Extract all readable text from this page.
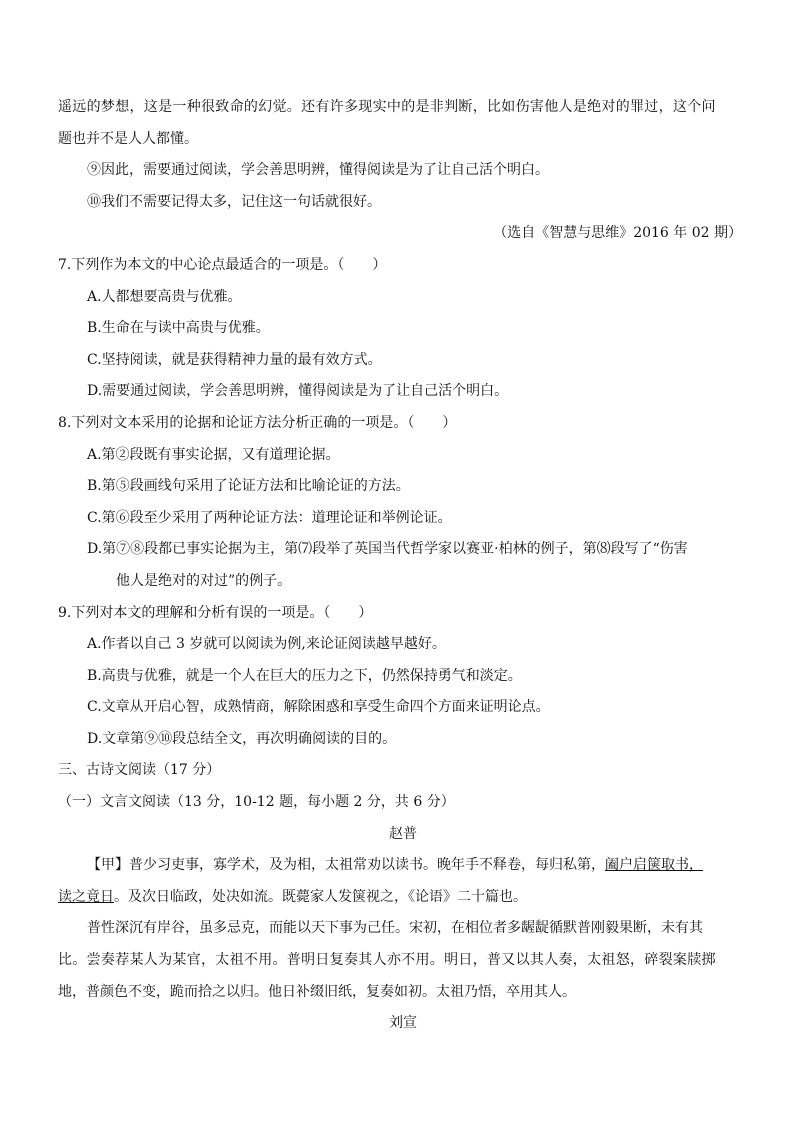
遥远的梦想，这是一种很致命的幻觉。还有许多现实中的是非判断，比如伤害他人是绝对的罪过，这个问
题也并不是人人都懂。
⑨因此，需要通过阅读，学会善思明辨，懂得阅读是为了让自己活个明白。
⑩我们不需要记得太多，记住这一句话就很好。
（选自《智慧与思维》2016 年 02 期）
7.下列作为本文的中心论点最适合的一项是。（　　）
A.人都想要高贵与优雅。
B.生命在与读中高贵与优雅。
C.坚持阅读，就是获得精神力量的最有效方式。
D.需要通过阅读，学会善思明辨，懂得阅读是为了让自己活个明白。
8.下列对文本采用的论据和论证方法分析正确的一项是。（　　）
A.第②段既有事实论据，又有道理论据。
B.第⑤段画线句采用了论证方法和比喻论证的方法。
C.第⑥段至少采用了两种论证方法：道理论证和举例论证。
D.第⑦⑧段都已事实论据为主，第⑺段举了英国当代哲学家以赛亚·柏林的例子，第⑻段写了“伤害
他人是绝对的对过”的例子。
9.下列对本文的理解和分析有误的一项是。（　　）
A.作者以自己 3 岁就可以阅读为例,来论证阅读越早越好。
B.高贵与优雅，就是一个人在巨大的压力之下，仍然保持勇气和淡定。
C.文章从开启心智，成熟情商，解除困惑和享受生命四个方面来证明论点。
D.文章第⑨⑩段总结全文，再次明确阅读的目的。
三、古诗文阅读（17 分）
（一）文言文阅读（13 分，10-12 题，每小题 2 分，共 6 分）
赵普
【甲】普少习吏事，寡学术，及为相，太祖常劝以读书。晚年手不释卷，每归私第，阖户启箧取书，
读之竟日。及次日临政，处决如流。既薨家人发箧视之，《论语》二十篇也。
普性深沉有岸谷，虽多忌克，而能以天下事为己任。宋初，在相位者多龌龊循默普刚毅果断，未有其
比。尝奏荐某人为某官，太祖不用。普明日复奏其人亦不用。明日，普又以其人奏，太祖怒，碎裂案牍掷
地，普颜色不变，跪而拾之以归。他日补缀旧纸，复奏如初。太祖乃悟，卒用其人。
刘宣
